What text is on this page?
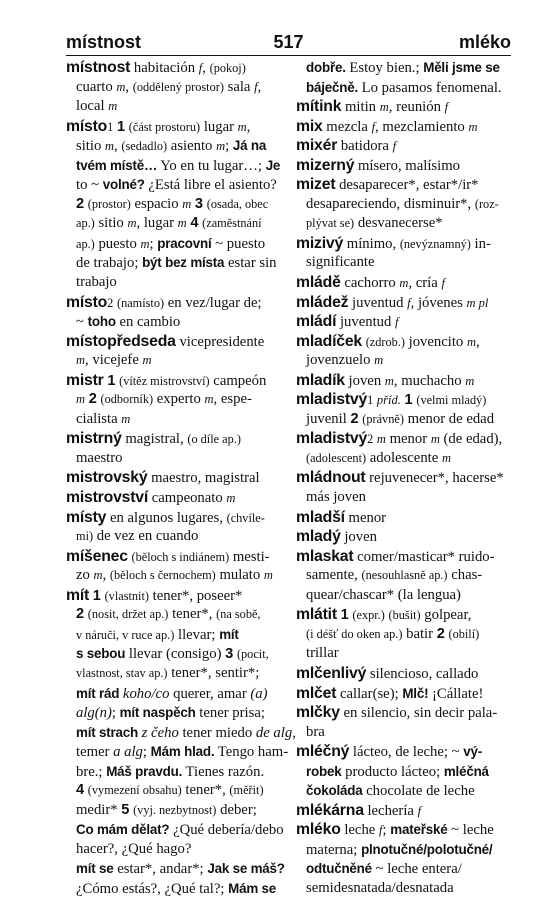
místnost	517	mléko
místnost habitación f, (pokoj)
cuarto m, (oddělený prostor) sala f,
local m
místo1 1 (část prostoru) lugar m,
sitio m, (sedadlo) asiento m; Já na
tvém místě… Yo en tu lugar…; Je
to ~ volné? ¿Está libre el asiento?
2 (prostor) espacio m 3 (osada, obec
ap.) sitio m, lugar m 4 (zaměstnání
ap.) puesto m; pracovní ~ puesto
de trabajo; být bez místa estar sin
trabajo
místo2 (namísto) en vez/lugar de;
~ toho en cambio
místopředseda vicepresidente
m, vicejefe m
mistr 1 (vítěz mistrovství) campeón
m 2 (odborník) experto m, espe-
cialista m
mistrný magistral, (o díle ap.)
maestro
mistrovský maestro, magistral
mistrovství campeonato m
místy en algunos lugares, (chvíle-
mi) de vez en cuando
míšenec (běloch s indiánem) mesti-
zo m, (běloch s černochem) mulato m
mít 1 (vlastnit) tener*, poseer*
2 (nosit, držet ap.) tener*, (na sobě,
v náruči, v ruce ap.) llevar; mít
s sebou llevar (consigo) 3 (pocit,
vlastnost, stav ap.) tener*, sentir*;
mít rád koho/co querer, amar (a)
alg(n); mít naspěch tener prisa;
mít strach z čeho tener miedo de alg,
temer a alg; Mám hlad. Tengo ham-
bre.; Máš pravdu. Tienes razón.
4 (vymezení obsahu) tener*, (měřit)
medir* 5 (vyj. nezbytnost) deber;
Co mám dělat? ¿Qué debería/debo
hacer?, ¿Qué hago?
mít se estar*, andar*; Jak se máš?
¿Cómo estás?, ¿Qué tal?; Mám se
dobře. Estoy bien.; Měli jsme se
báječně. Lo pasamos fenomenal.
mítink mitin m, reunión f
mix mezcla f, mezclamiento m
mixér batidora f
mizerný mísero, malísimo
mizet desaparecer*, estar*/ir*
desapareciendo, disminuir*, (roz-
plývat se) desvanecerse*
mizivý mínimo, (nevýznamný) in-
significante
mládě cachorro m, cría f
mládež juventud f, jóvenes m pl
mládí juventud f
mladíček (zdrob.) jovencito m,
jovenzuelo m
mladík joven m, muchacho m
mladistvý1 příd. 1 (velmi mladý)
juvenil 2 (právně) menor de edad
mladistvý2 m menor m (de edad),
(adolescent) adolescente m
mládnout rejuvenecer*, hacerse*
más joven
mladší menor
mladý joven
mlaskat comer/masticar* ruido-
samente, (nesouhlasně ap.) chas-
quear/chascar* (la lengua)
mlátit 1 (expr.) (bušit) golpear,
(i déšť do oken ap.) batir 2 (obilí)
trillar
mlčenlivý silencioso, callado
mlčet callar(se); Mlč! ¡Cállate!
mlčky en silencio, sin decir pala-
bra
mléčný lácteo, de leche; ~ vý-
robek producto lácteo; mléčná
čokoláda chocolate de leche
mlékárna lechería f
mléko leche f; mateřské ~ leche
materna; plnotučné/polotučné/
odtučněné ~ leche entera/
semidesnatada/desnatada
